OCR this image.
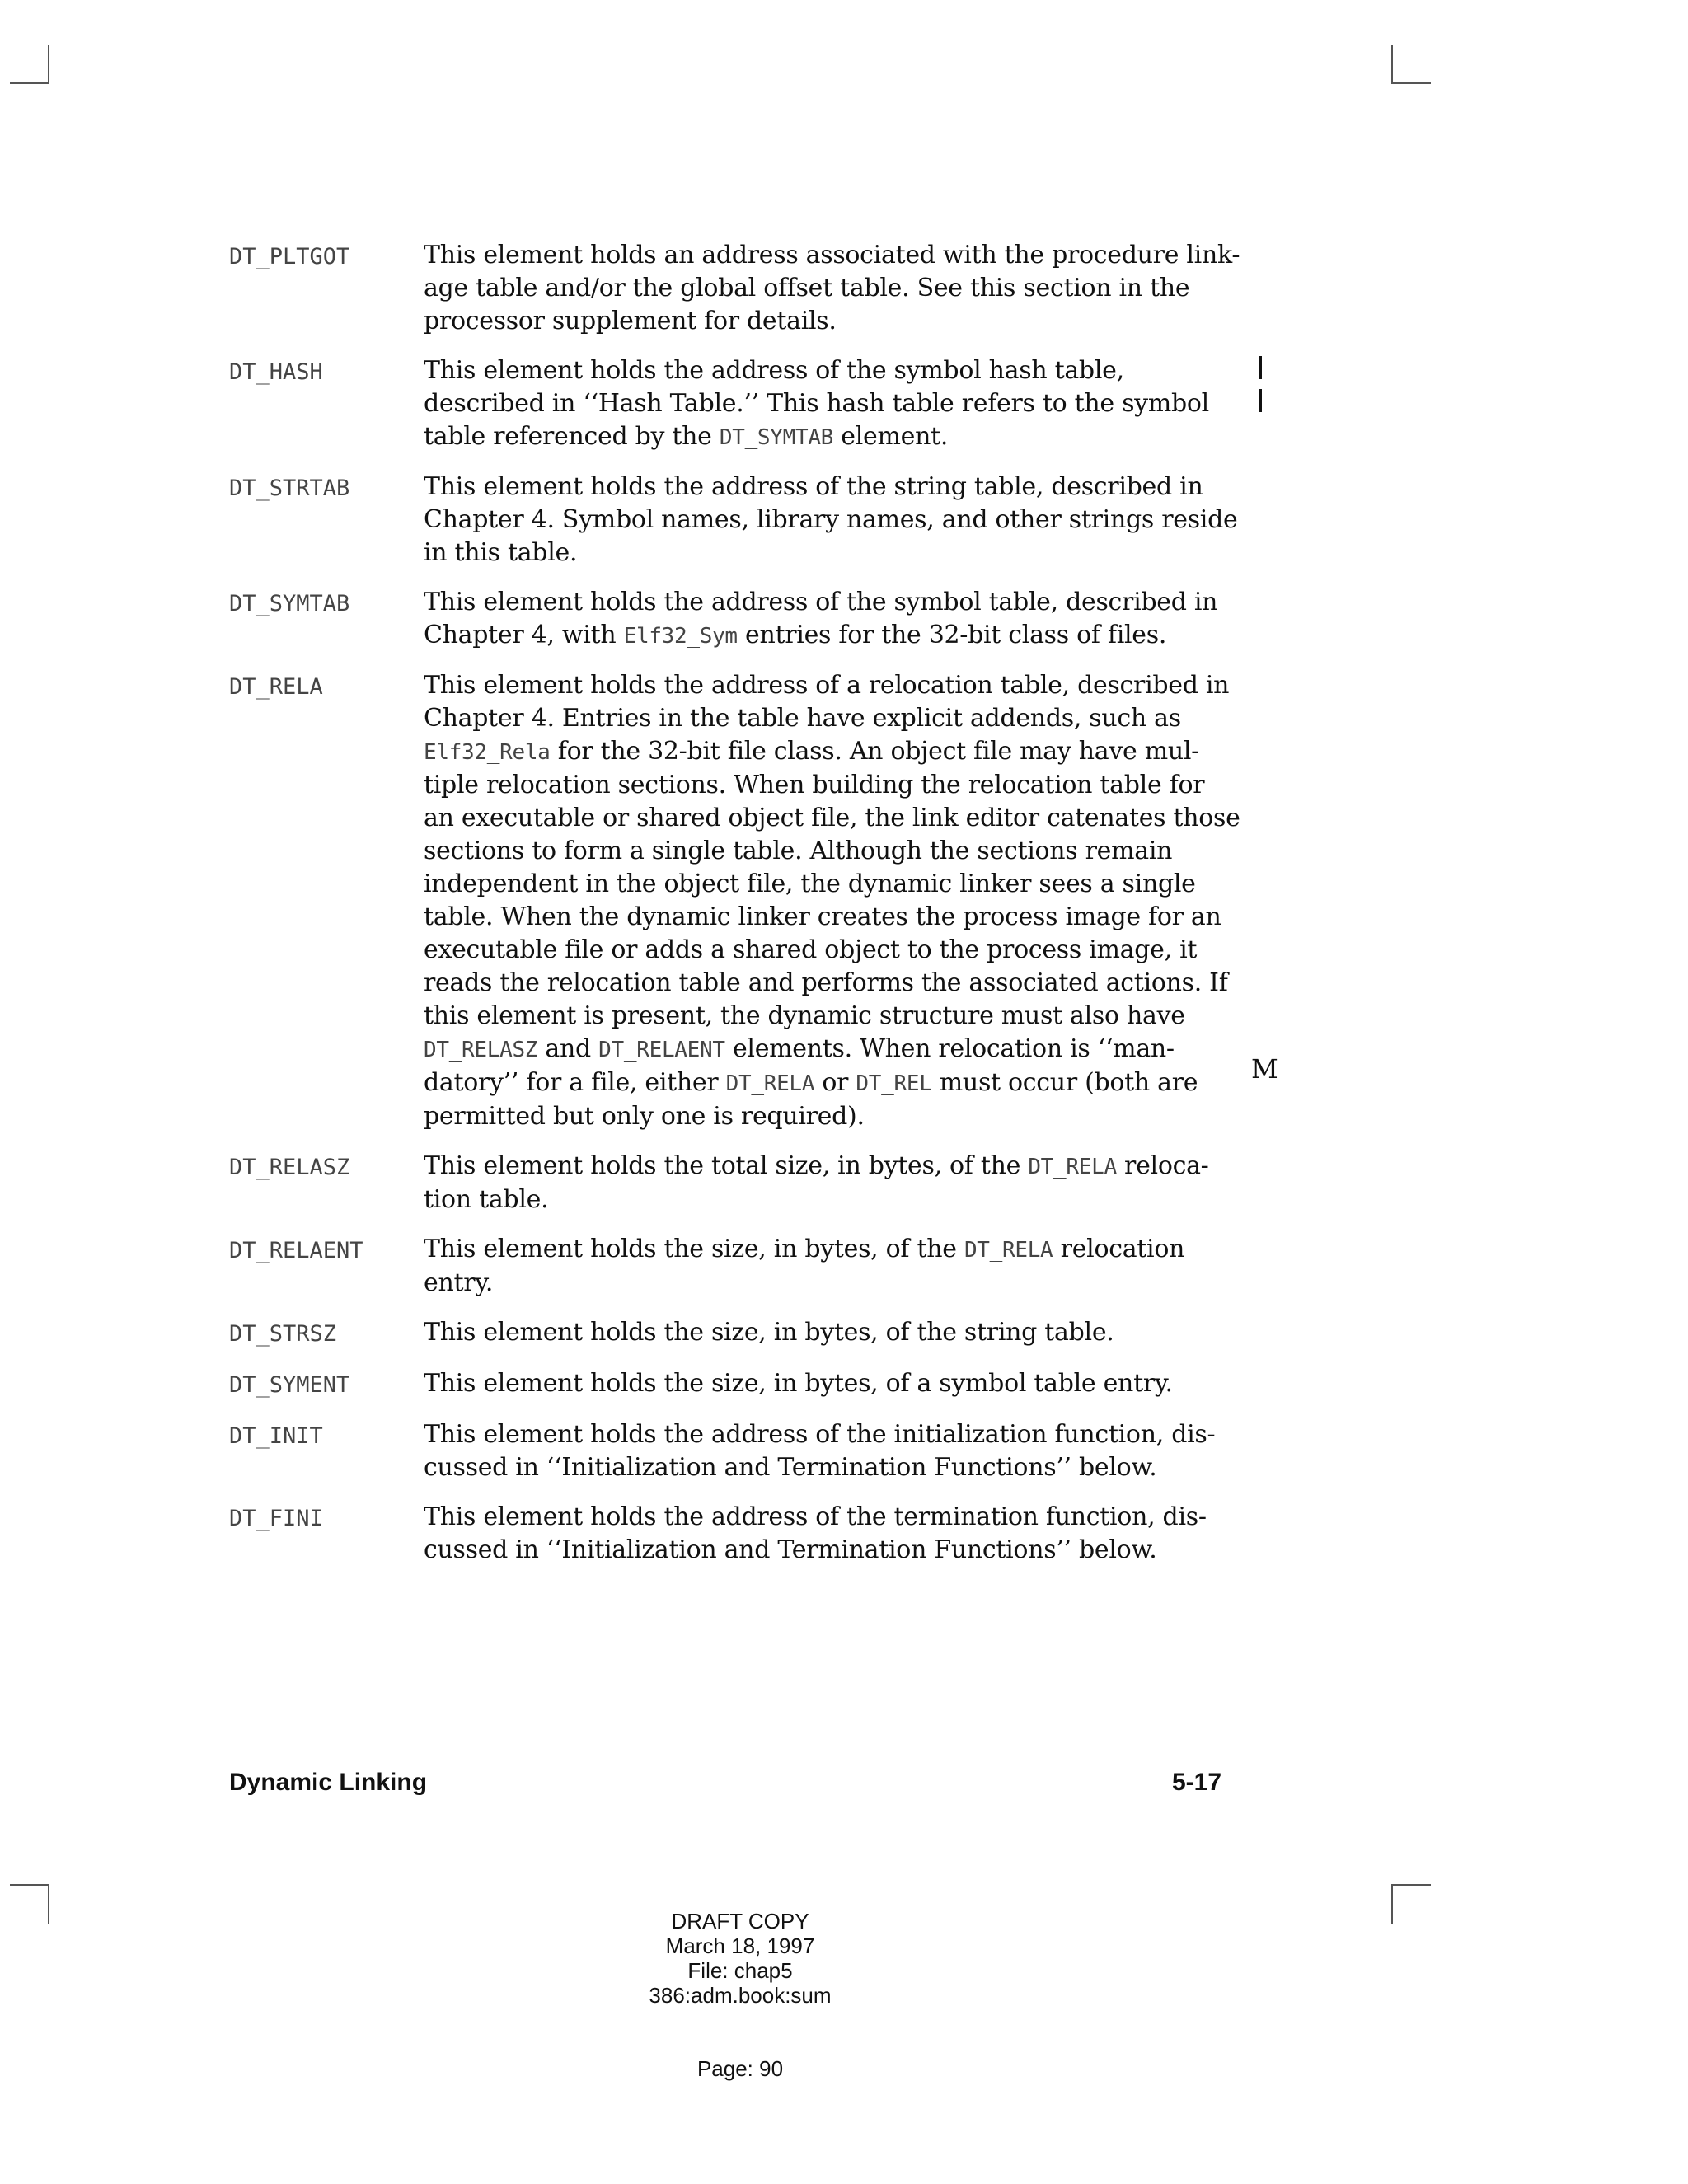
DT_PLTGOT	This element holds an address associated with the procedure link-
age table and/or the global offset table. See this section in the
processor supplement for details.
DT_HASH	This element holds the address of the symbol hash table,
described in ‘‘Hash Table.’’ This hash table refers to the symbol
table referenced by the DT_SYMTAB element.
DT_STRTAB	This element holds the address of the string table, described in
Chapter 4. Symbol names, library names, and other strings reside
in this table.
DT_SYMTAB	This element holds the address of the symbol table, described in
Chapter 4, with Elf32_Sym entries for the 32-bit class of files.
DT_RELA	This element holds the address of a relocation table, described in
Chapter 4. Entries in the table have explicit addends, such as
Elf32_Rela for the 32-bit file class. An object file may have mul-
tiple relocation sections. When building the relocation table for
an executable or shared object file, the link editor catenates those
sections to form a single table. Although the sections remain
independent in the object file, the dynamic linker sees a single
table. When the dynamic linker creates the process image for an
executable file or adds a shared object to the process image, it
reads the relocation table and performs the associated actions. If
this element is present, the dynamic structure must also have
DT_RELASZ and DT_RELAENT elements. When relocation is ‘‘man-
datory’’ for a file, either DT_RELA or DT_REL must occur (both are
permitted but only one is required).
DT_RELASZ	This element holds the total size, in bytes, of the DT_RELA reloca-
tion table.
DT_RELAENT	This element holds the size, in bytes, of the DT_RELA relocation
entry.
DT_STRSZ	This element holds the size, in bytes, of the string table.
DT_SYMENT	This element holds the size, in bytes, of a symbol table entry.
DT_INIT	This element holds the address of the initialization function, dis-
cussed in ‘‘Initialization and Termination Functions’’ below.
DT_FINI	This element holds the address of the termination function, dis-
cussed in ‘‘Initialization and Termination Functions’’ below.
M
Dynamic Linking	5-17
DRAFT COPY
March 18, 1997
File: chap5
386:adm.book:sum
Page: 90
